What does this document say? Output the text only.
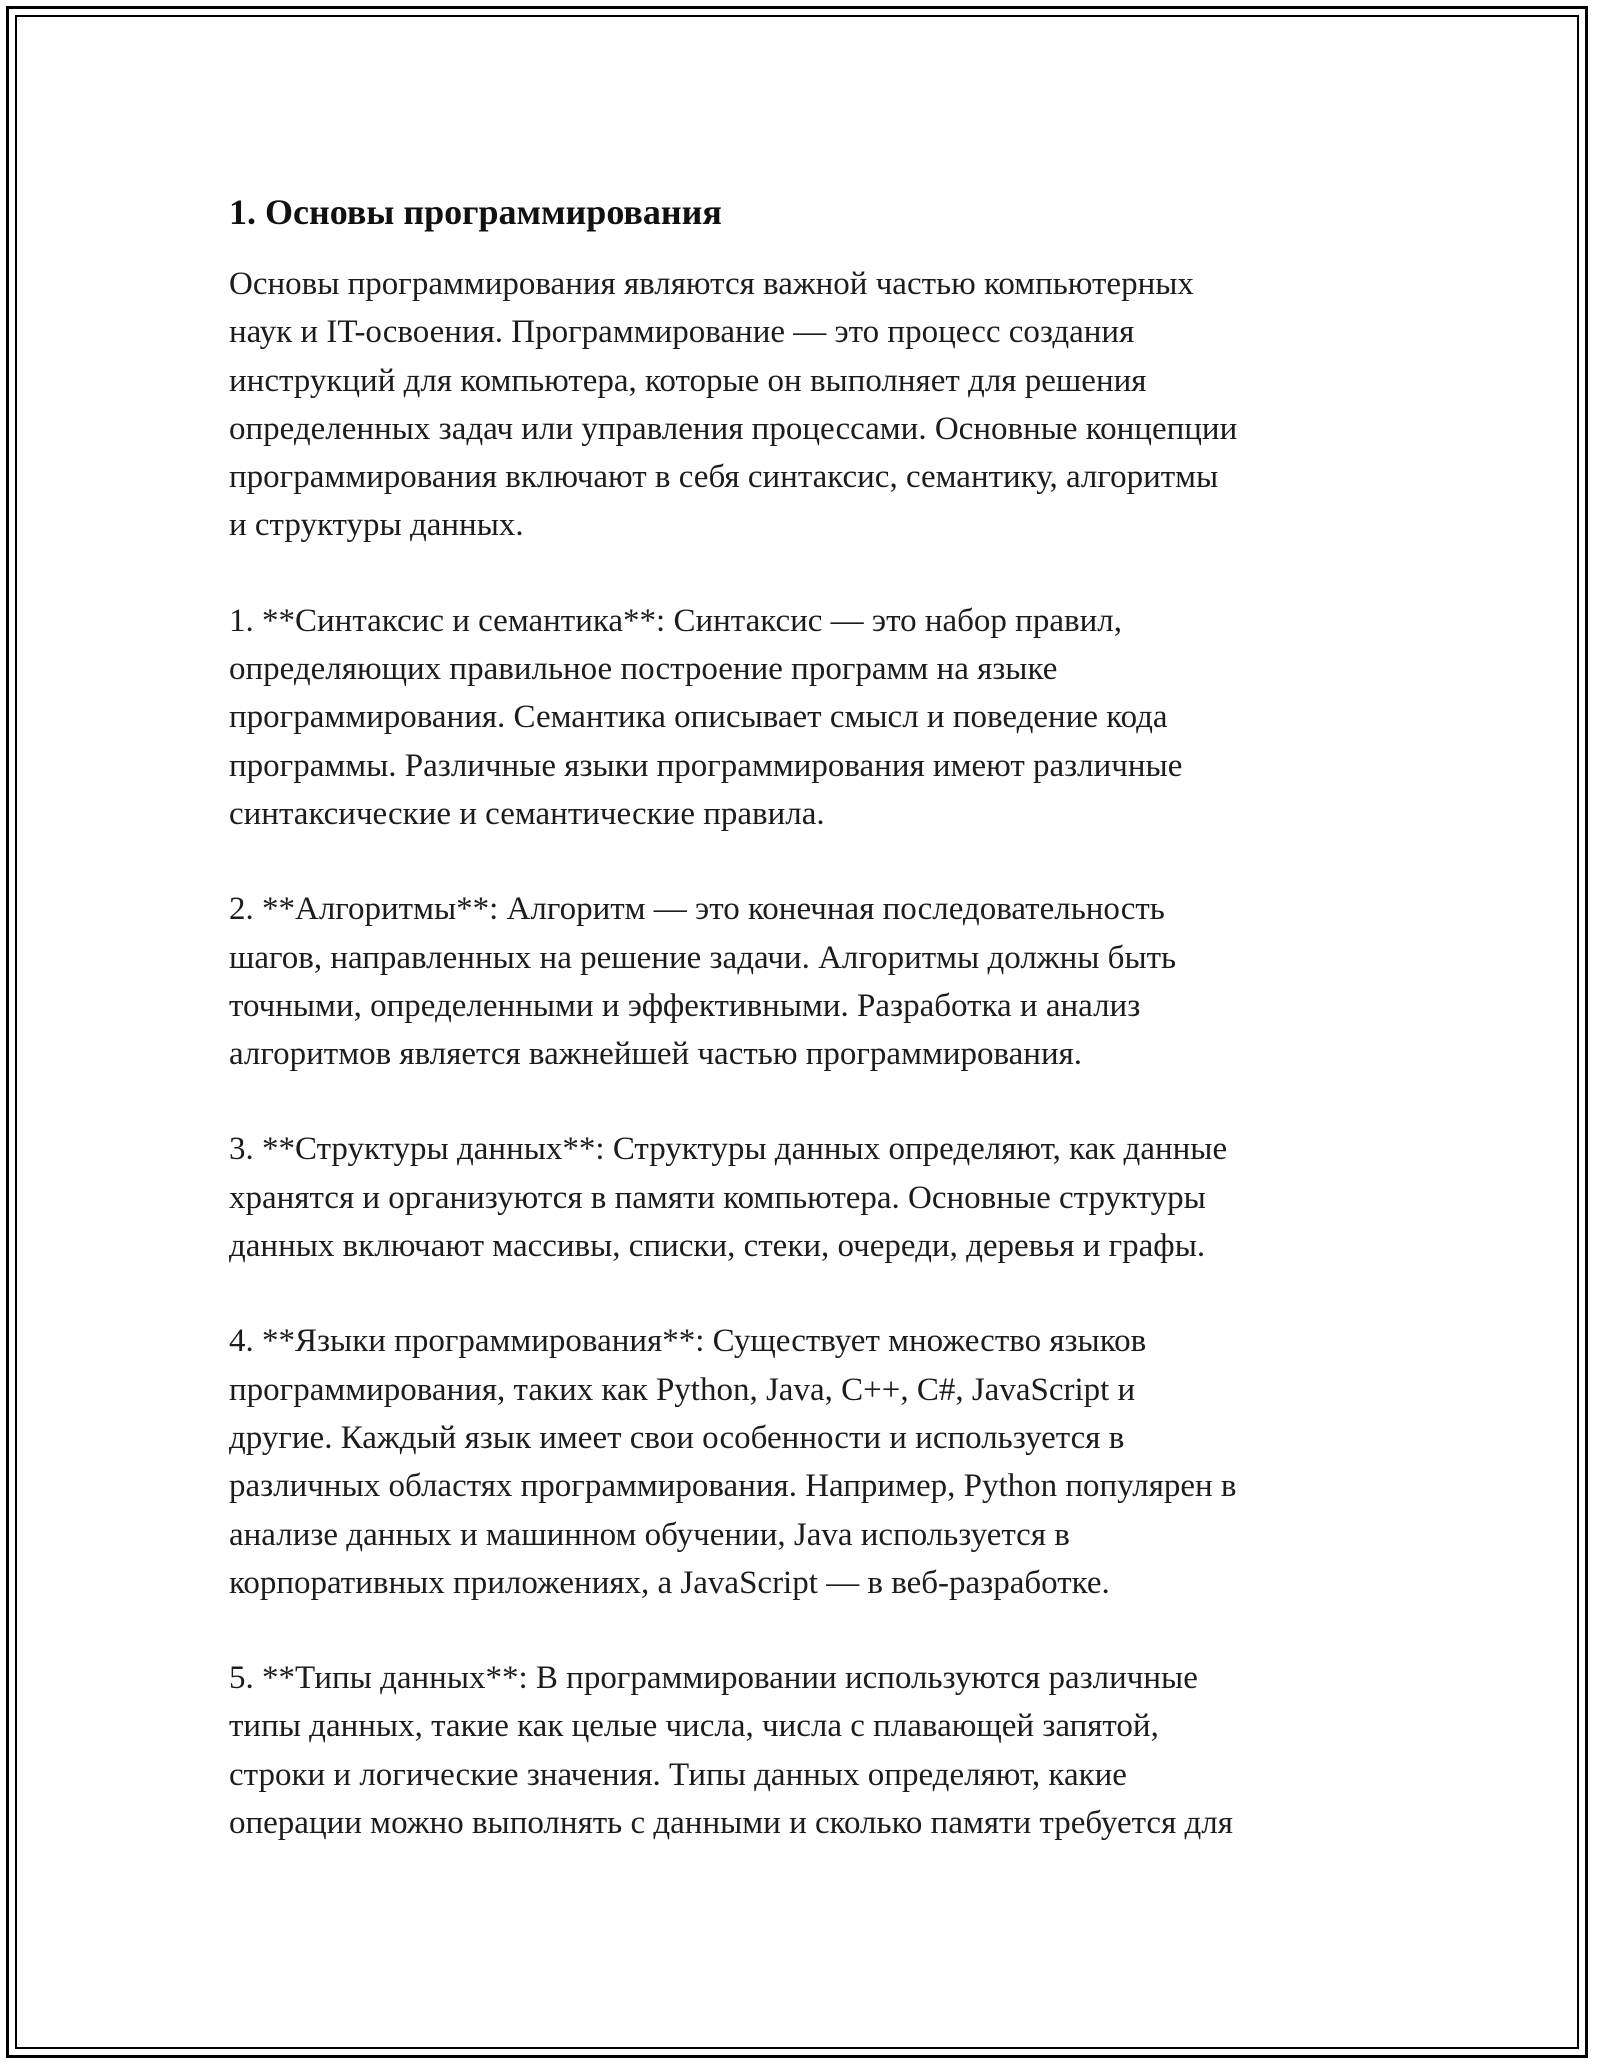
1. Основы программирования

Основы программирования являются важной частью компьютерных
наук и IT-освоения. Программирование — это процесс создания
инструкций для компьютера, которые он выполняет для решения
определенных задач или управления процессами. Основные концепции
программирования включают в себя синтаксис, семантику, алгоритмы
и структуры данных.

1. **Синтаксис и семантика**: Синтаксис — это набор правил,
определяющих правильное построение программ на языке
программирования. Семантика описывает смысл и поведение кода
программы. Различные языки программирования имеют различные
синтаксические и семантические правила.

2. **Алгоритмы**: Алгоритм — это конечная последовательность
шагов, направленных на решение задачи. Алгоритмы должны быть
точными, определенными и эффективными. Разработка и анализ
алгоритмов является важнейшей частью программирования.

3. **Структуры данных**: Структуры данных определяют, как данные
хранятся и организуются в памяти компьютера. Основные структуры
данных включают массивы, списки, стеки, очереди, деревья и графы.

4. **Языки программирования**: Существует множество языков
программирования, таких как Python, Java, C++, C#, JavaScript и
другие. Каждый язык имеет свои особенности и используется в
различных областях программирования. Например, Python популярен в
анализе данных и машинном обучении, Java используется в
корпоративных приложениях, а JavaScript — в веб-разработке.

5. **Типы данных**: В программировании используются различные
типы данных, такие как целые числа, числа с плавающей запятой,
строки и логические значения. Типы данных определяют, какие
операции можно выполнять с данными и сколько памяти требуется для
